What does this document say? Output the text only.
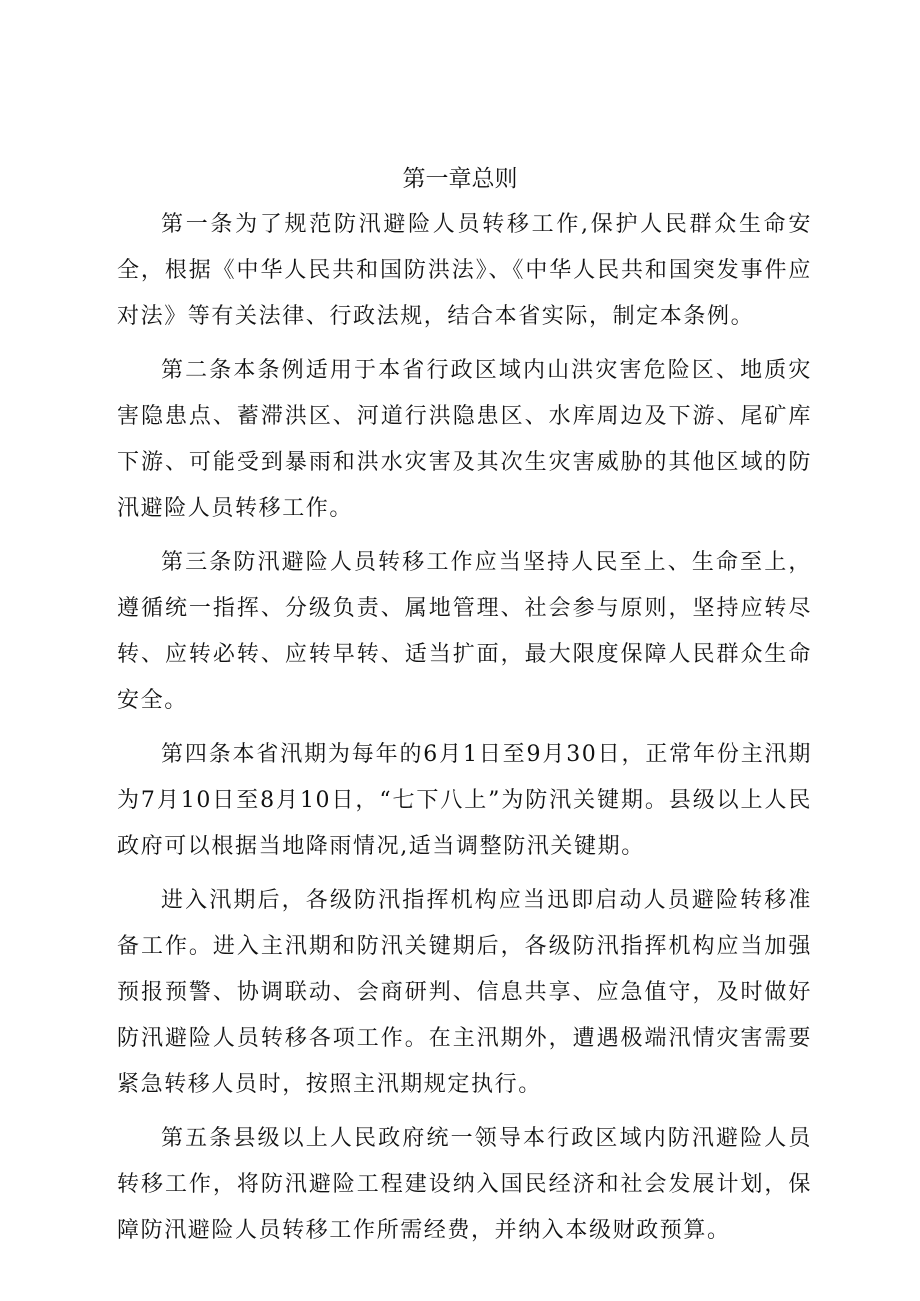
第一章总则

第一条为了规范防汛避险人员转移工作,保护人民群众生命安全，根据《中华人民共和国防洪法》、《中华人民共和国突发事件应对法》等有关法律、行政法规，结合本省实际，制定本条例。

第二条本条例适用于本省行政区域内山洪灾害危险区、地质灾害隐患点、蓄滞洪区、河道行洪隐患区、水库周边及下游、尾矿库下游、可能受到暴雨和洪水灾害及其次生灾害威胁的其他区域的防汛避险人员转移工作。

第三条防汛避险人员转移工作应当坚持人民至上、生命至上，遵循统一指挥、分级负责、属地管理、社会参与原则，坚持应转尽转、应转必转、应转早转、适当扩面，最大限度保障人民群众生命安全。

第四条本省汛期为每年的6月1日至9月30日，正常年份主汛期为7月10日至8月10日，“七下八上”为防汛关键期。县级以上人民政府可以根据当地降雨情况,适当调整防汛关键期。

进入汛期后，各级防汛指挥机构应当迅即启动人员避险转移准备工作。进入主汛期和防汛关键期后，各级防汛指挥机构应当加强预报预警、协调联动、会商研判、信息共享、应急值守，及时做好防汛避险人员转移各项工作。在主汛期外，遭遇极端汛情灾害需要紧急转移人员时，按照主汛期规定执行。

第五条县级以上人民政府统一领导本行政区域内防汛避险人员转移工作，将防汛避险工程建设纳入国民经济和社会发展计划，保障防汛避险人员转移工作所需经费，并纳入本级财政预算。
